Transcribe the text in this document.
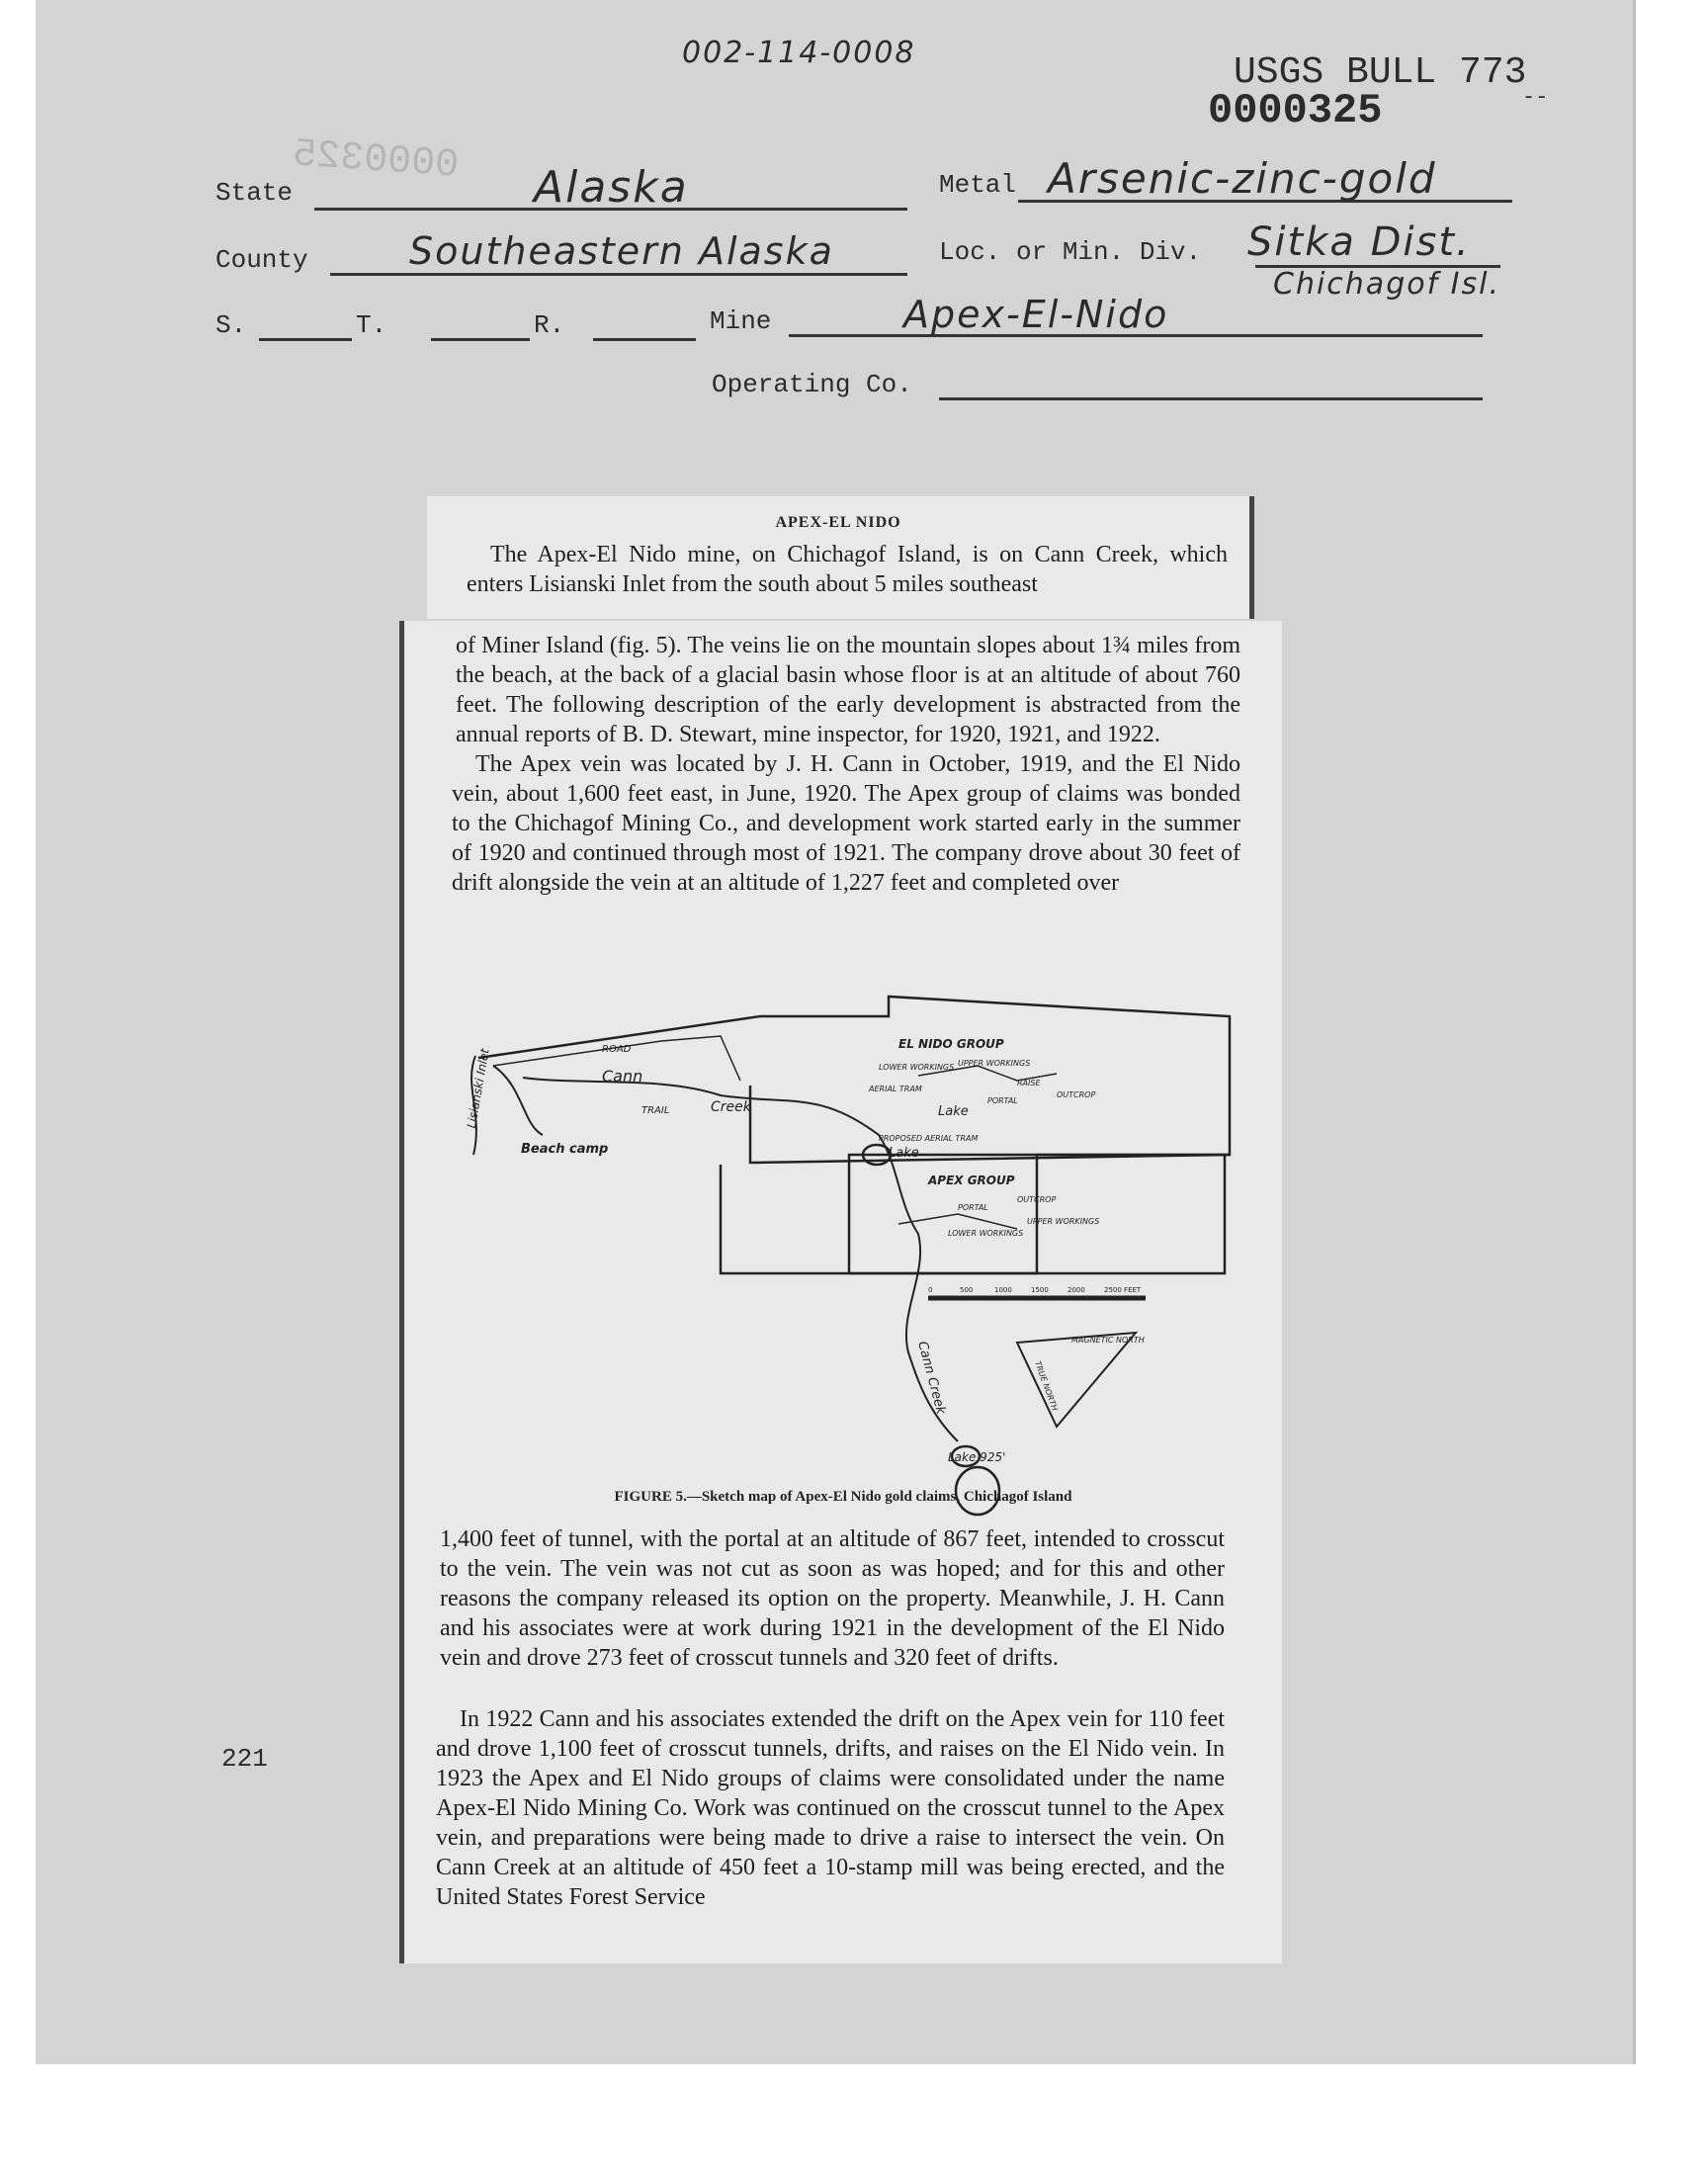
002-114-0008	USGS BULL 773
0000325	--
0000325
State	Alaska	Metal Arsenic-zinc-gold
County	Southeastern Alaska	Loc. or Min. Div. Sitka Dist.
Chichagof Isl.
S.	T.	R.	Mine	Apex-El-Nido
Operating Co.
APEX-EL NIDO

The Apex-El Nido mine, on Chichagof Island, is on Cann Creek, which enters Lisianski Inlet from the south about 5 miles southeast

of Miner Island (fig. 5). The veins lie on the mountain slopes about 1¾ miles from the beach, at the back of a glacial basin whose floor is at an altitude of about 760 feet. The following description of the early development is abstracted from the annual reports of B. D. Stewart, mine inspector, for 1920, 1921, and 1922.

The Apex vein was located by J. H. Cann in October, 1919, and the El Nido vein, about 1,600 feet east, in June, 1920. The Apex group of claims was bonded to the Chichagof Mining Co., and development work started early in the summer of 1920 and continued through most of 1921. The company drove about 30 feet of drift alongside the vein at an altitude of 1,227 feet and completed over

EL NIDO GROUP
APEX GROUP
Lisianski Inlet
Beach camp
ROAD
TRAIL
Cann
Creek	Lake
Lake
Lake 925'
Cann Creek
UPPER WORKINGS
LOWER WORKINGS
PORTAL
OUTCROP
RAISE
PROPOSED AERIAL TRAM
AERIAL TRAM
UPPER WORKINGS
LOWER WORKINGS
PORTAL
OUTCROP
MAGNETIC NORTH
TRUE NORTH
0	500	1000	1500	2000	2500 FEET
FIGURE 5.—Sketch map of Apex-El Nido gold claims, Chichagof Island

1,400 feet of tunnel, with the portal at an altitude of 867 feet, intended to crosscut to the vein. The vein was not cut as soon as was hoped; and for this and other reasons the company released its option on the property. Meanwhile, J. H. Cann and his associates were at work during 1921 in the development of the El Nido vein and drove 273 feet of crosscut tunnels and 320 feet of drifts.

In 1922 Cann and his associates extended the drift on the Apex vein for 110 feet and drove 1,100 feet of crosscut tunnels, drifts, and raises on the El Nido vein. In 1923 the Apex and El Nido groups of claims were consolidated under the name Apex-El Nido Mining Co. Work was continued on the crosscut tunnel to the Apex vein, and preparations were being made to drive a raise to intersect the vein. On Cann Creek at an altitude of 450 feet a 10-stamp mill was being erected, and the United States Forest Service

221
